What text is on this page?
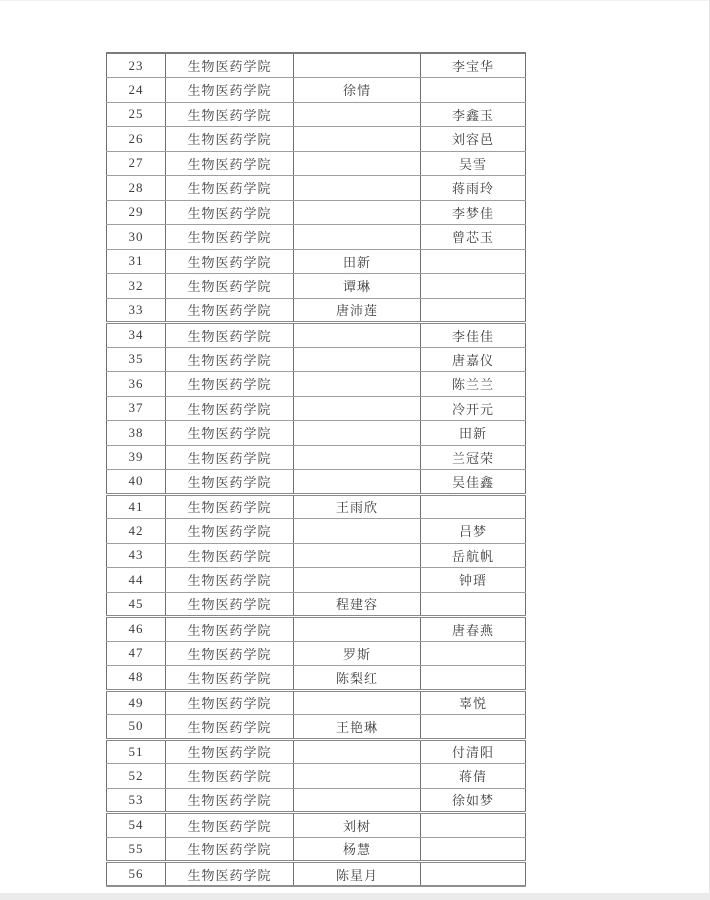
23	生物医药学院		李宝华
24	生物医药学院	徐情	
25	生物医药学院		李鑫玉
26	生物医药学院		刘容邑
27	生物医药学院		吴雪
28	生物医药学院		蒋雨玲
29	生物医药学院		李梦佳
30	生物医药学院		曾芯玉
31	生物医药学院	田新	
32	生物医药学院	谭琳	
33	生物医药学院	唐沛莲	
34	生物医药学院		李佳佳
35	生物医药学院		唐嘉仪
36	生物医药学院		陈兰兰
37	生物医药学院		冷开元
38	生物医药学院		田新
39	生物医药学院		兰冠荣
40	生物医药学院		吴佳鑫
41	生物医药学院	王雨欣	
42	生物医药学院		吕梦
43	生物医药学院		岳航帆
44	生物医药学院		钟瑨
45	生物医药学院	程建容	
46	生物医药学院		唐春燕
47	生物医药学院	罗斯	
48	生物医药学院	陈梨红	
49	生物医药学院		辜悦
50	生物医药学院	王艳琳	
51	生物医药学院		付清阳
52	生物医药学院		蒋倩
53	生物医药学院		徐如梦
54	生物医药学院	刘树	
55	生物医药学院	杨慧	
56	生物医药学院	陈星月	
